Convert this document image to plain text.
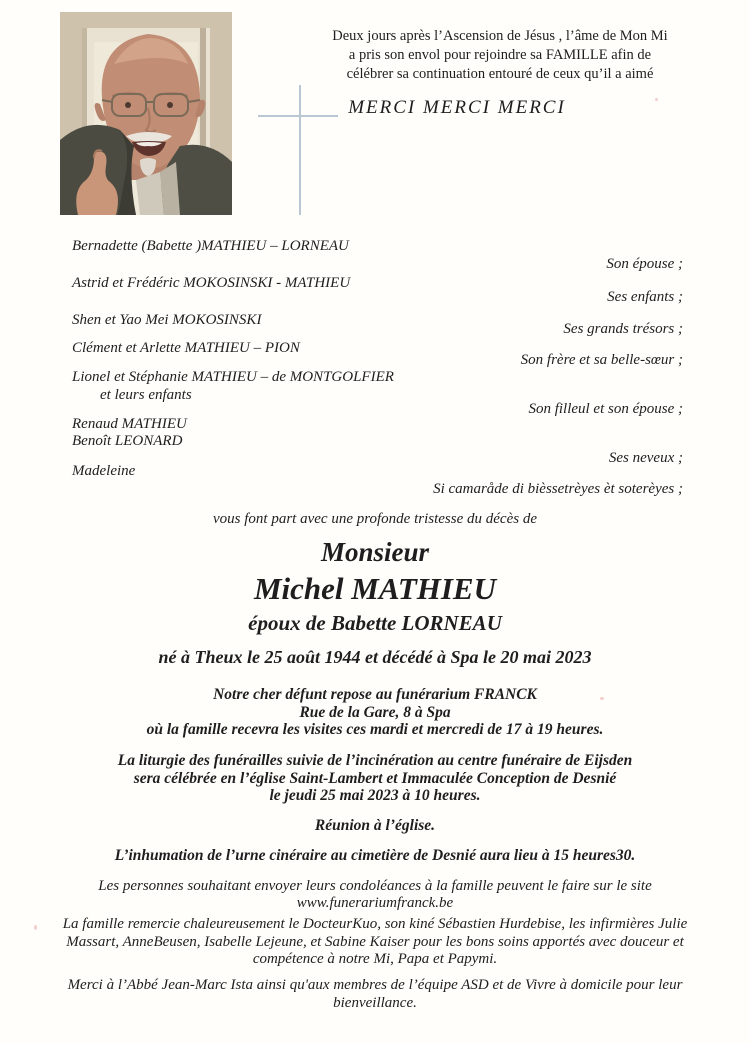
Deux jours après l’Ascension de Jésus , l’âme de Mon Mi
a pris son envol pour rejoindre sa FAMILLE afin de
célébrer sa continuation entouré de ceux qu’il a aimé
MERCI MERCI MERCI
Bernadette (Babette )MATHIEU – LORNEAU
Astrid et Frédéric MOKOSINSKI - MATHIEU
Shen et Yao Mei MOKOSINSKI
Clément et Arlette MATHIEU – PION
Lionel et Stéphanie MATHIEU – de MONTGOLFIER
et leurs enfants
Renaud MATHIEU
Benoît LEONARD
Madeleine
Son épouse ;
Ses enfants ;
Ses grands trésors ;
Son frère et sa belle-sœur ;
Son filleul et son épouse ;
Ses neveux ;
Si camaråde di bièssetrèyes èt soterèyes ;
vous font part avec une profonde tristesse du décès de
Monsieur
Michel MATHIEU
époux de Babette LORNEAU
né à Theux le 25 août 1944 et décédé à Spa le 20 mai 2023
Notre cher défunt repose au funérarium FRANCK
Rue de la Gare, 8 à Spa
où la famille recevra les visites ces mardi et mercredi de 17 à 19 heures.
La liturgie des funérailles suivie de l’incinération au centre funéraire de Eijsden
sera célébrée en l’église Saint-Lambert et Immaculée Conception de Desnié
le jeudi 25 mai 2023 à 10 heures.
Réunion à l’église.
L’inhumation de l’urne cinéraire au cimetière de Desnié aura lieu à 15 heures30.
Les personnes souhaitant envoyer leurs condoléances à la famille peuvent le faire sur le site
www.funerariumfranck.be
La famille remercie chaleureusement le DocteurKuo, son kiné Sébastien Hurdebise, les infirmières Julie Massart, AnneBeusen, Isabelle Lejeune, et Sabine Kaiser pour les bons soins apportés avec douceur et compétence à notre Mi, Papa et Papymi.
Merci à l’Abbé Jean-Marc Ista ainsi qu'aux membres de l’équipe ASD et de Vivre à domicile pour leur bienveillance.
